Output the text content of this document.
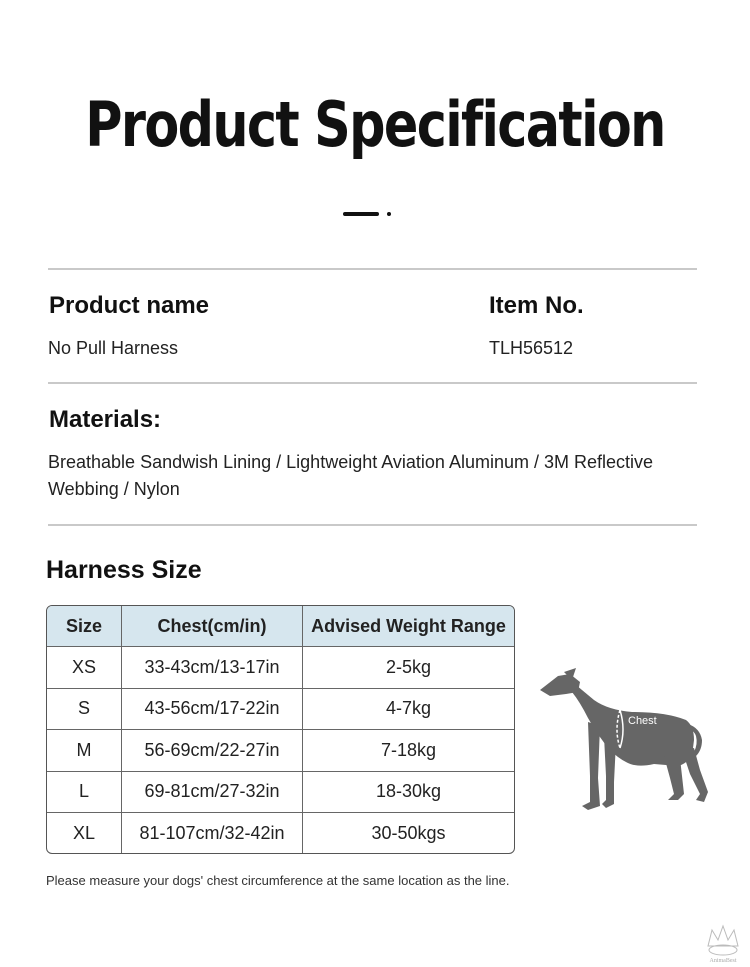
Product Specification
Product name
No Pull Harness
Item No.
TLH56512
Materials:
Breathable Sandwish Lining / Lightweight Aviation Aluminum / 3M Reflective Webbing / Nylon
Harness Size
Size	Chest(cm/in)	Advised Weight Range
XS	33-43cm/13-17in	2-5kg
S	43-56cm/17-22in	4-7kg
M	56-69cm/22-27in	7-18kg
L	69-81cm/27-32in	18-30kg
XL	81-107cm/32-42in	30-50kgs
Chest
Please measure your dogs' chest circumference at the same location as the line.
AnimaBest
